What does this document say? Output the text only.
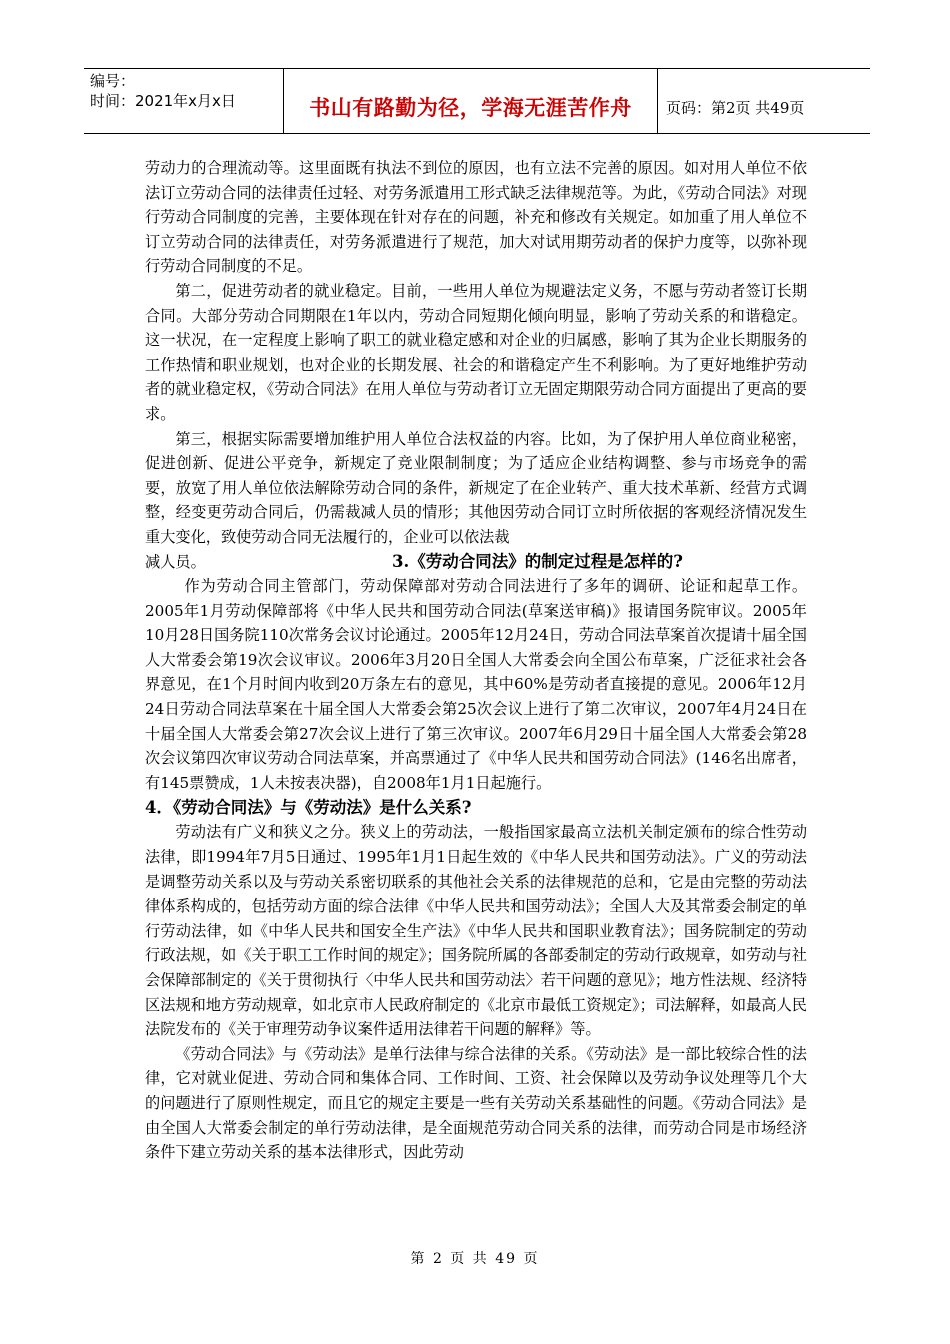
编号：
时间：2021年x月x日	书山有路勤为径，学海无涯苦作舟 页码：第2页 共49页

劳动力的合理流动等。这里面既有执法不到位的原因，也有立法不完善的原因。如对用人单位不依法订立劳动合同的法律责任过轻、对劳务派遣用工形式缺乏法律规范等。为此，《劳动合同法》对现行劳动合同制度的完善，主要体现在针对存在的问题，补充和修改有关规定。如加重了用人单位不订立劳动合同的法律责任，对劳务派遣进行了规范，加大对试用期劳动者的保护力度等，以弥补现行劳动合同制度的不足。

第二，促进劳动者的就业稳定。目前，一些用人单位为规避法定义务，不愿与劳动者签订长期合同。大部分劳动合同期限在1年以内，劳动合同短期化倾向明显，影响了劳动关系的和谐稳定。这一状况，在一定程度上影响了职工的就业稳定感和对企业的归属感，影响了其为企业长期服务的工作热情和职业规划，也对企业的长期发展、社会的和谐稳定产生不利影响。为了更好地维护劳动者的就业稳定权，《劳动合同法》在用人单位与劳动者订立无固定期限劳动合同方面提出了更高的要求。

第三，根据实际需要增加维护用人单位合法权益的内容。比如，为了保护用人单位商业秘密，促进创新、促进公平竞争，新规定了竞业限制制度；为了适应企业结构调整、参与市场竞争的需要，放宽了用人单位依法解除劳动合同的条件，新规定了在企业转产、重大技术革新、经营方式调整，经变更劳动合同后，仍需裁减人员的情形；其他因劳动合同订立时所依据的客观经济情况发生重大变化，致使劳动合同无法履行的，企业可以依法裁

减人员。	3.《劳动合同法》的制定过程是怎样的?

作为劳动合同主管部门，劳动保障部对劳动合同法进行了多年的调研、论证和起草工作。2005年1月劳动保障部将《中华人民共和国劳动合同法(草案送审稿)》报请国务院审议。2005年10月28日国务院110次常务会议讨论通过。2005年12月24日，劳动合同法草案首次提请十届全国人大常委会第19次会议审议。2006年3月20日全国人大常委会向全国公布草案，广泛征求社会各界意见，在1个月时间内收到20万条左右的意见，其中60%是劳动者直接提的意见。2006年12月24日劳动合同法草案在十届全国人大常委会第25次会议上进行了第二次审议，2007年4月24日在十届全国人大常委会第27次会议上进行了第三次审议。2007年6月29日十届全国人大常委会第28次会议第四次审议劳动合同法草案，并高票通过了《中华人民共和国劳动合同法》(146名出席者，有145票赞成，1人未按表决器)，自2008年1月1日起施行。

4．《劳动合同法》与《劳动法》是什么关系?

劳动法有广义和狭义之分。狭义上的劳动法，一般指国家最高立法机关制定颁布的综合性劳动法律，即1994年7月5日通过、1995年1月1日起生效的《中华人民共和国劳动法》。广义的劳动法是调整劳动关系以及与劳动关系密切联系的其他社会关系的法律规范的总和，它是由完整的劳动法律体系构成的，包括劳动方面的综合法律《中华人民共和国劳动法》；全国人大及其常委会制定的单行劳动法律，如《中华人民共和国安全生产法》《中华人民共和国职业教育法》；国务院制定的劳动行政法规，如《关于职工工作时间的规定》；国务院所属的各部委制定的劳动行政规章，如劳动与社会保障部制定的《关于贯彻执行〈中华人民共和国劳动法〉若干问题的意见》；地方性法规、经济特区法规和地方劳动规章，如北京市人民政府制定的《北京市最低工资规定》；司法解释，如最高人民法院发布的《关于审理劳动争议案件适用法律若干问题的解释》等。

《劳动合同法》与《劳动法》是单行法律与综合法律的关系。《劳动法》是一部比较综合性的法律，它对就业促进、劳动合同和集体合同、工作时间、工资、社会保障以及劳动争议处理等几个大的问题进行了原则性规定，而且它的规定主要是一些有关劳动关系基础性的问题。《劳动合同法》是由全国人大常委会制定的单行劳动法律，是全面规范劳动合同关系的法律，而劳动合同是市场经济条件下建立劳动关系的基本法律形式，因此劳动

第 2 页 共 49 页
